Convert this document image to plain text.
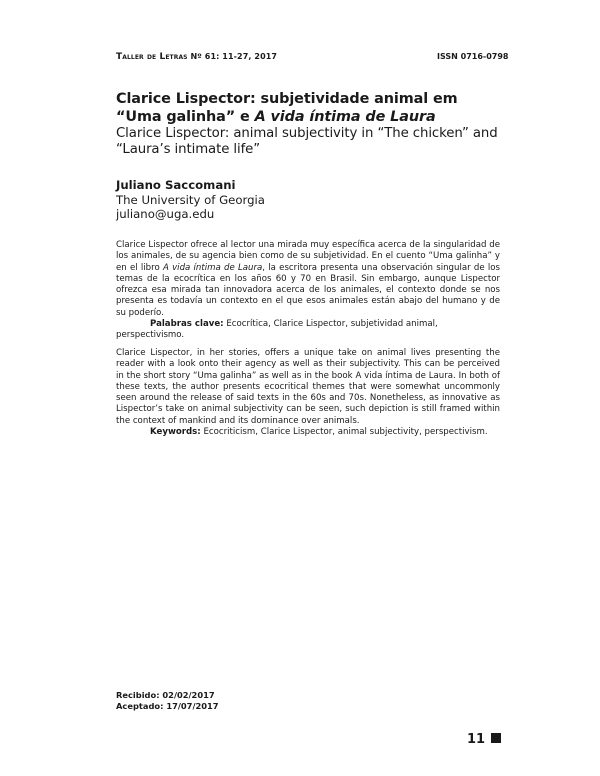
Taller de Letras Nº 61: 11-27, 2017	ISSN 0716-0798
Clarice Lispector: subjetividade animal em “Uma galinha” e A vida íntima de Laura
Clarice Lispector: animal subjectivity in “The chicken” and “Laura’s intimate life”
Juliano Saccomani
The University of Georgia
juliano@uga.edu
Clarice Lispector ofrece al lector una mirada muy específica acerca de la singularidad de los animales, de su agencia bien como de su subjetividad. En el cuento “Uma galinha” y en el libro A vida íntima de Laura, la escritora presenta una observación singular de los temas de la ecocrítica en los años 60 y 70 en Brasil. Sin embargo, aunque Lispector ofrezca esa mirada tan innovadora acerca de los animales, el contexto donde se nos presenta es todavía un contexto en el que esos animales están abajo del humano y de su poderío.
Palabras clave: Ecocrítica, Clarice Lispector, subjetividad animal, perspectivismo.
Clarice Lispector, in her stories, offers a unique take on animal lives presenting the reader with a look onto their agency as well as their subjectivity. This can be perceived in the short story “Uma galinha” as well as in the book A vida íntima de Laura. In both of these texts, the author presents ecocritical themes that were somewhat uncommonly seen around the release of said texts in the 60s and 70s. Nonetheless, as innovative as Lispector’s take on animal subjectivity can be seen, such depiction is still framed within the context of mankind and its dominance over animals.
Keywords: Ecocriticism, Clarice Lispector, animal subjectivity, perspectivism.
Recibido: 02/02/2017
Aceptado: 17/07/2017
11
